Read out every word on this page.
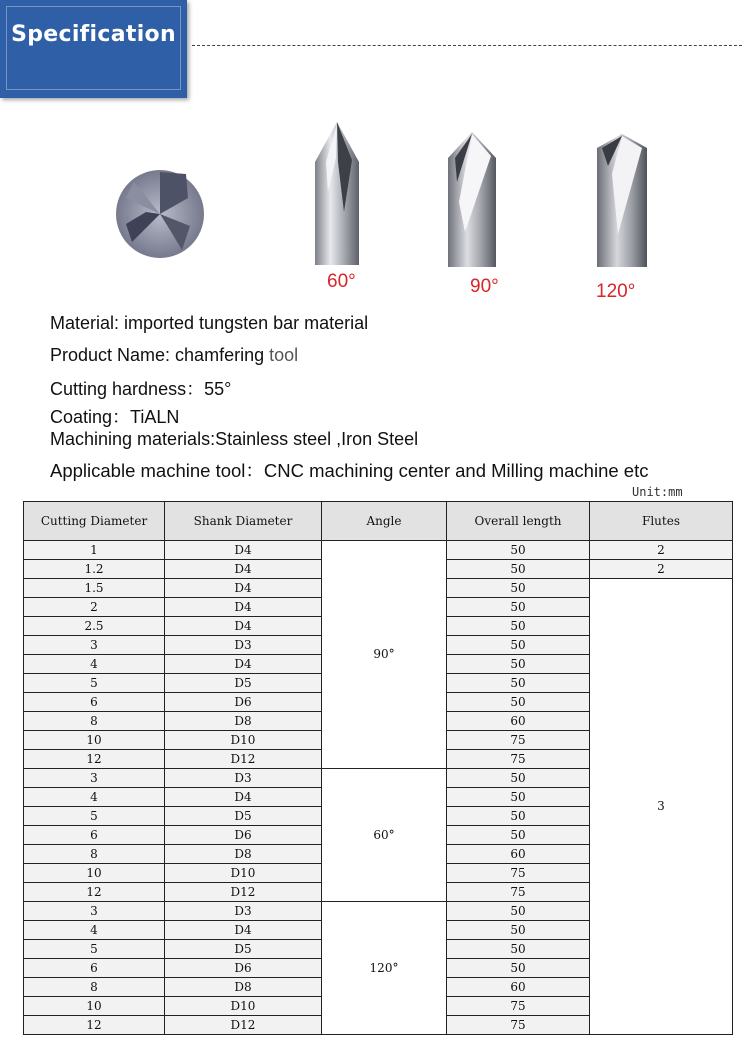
Specification
60°	90°	120°
Material: imported tungsten bar material
Product Name: chamfering tool
Cutting hardness：55°
Coating：TiALN
Machining materials:Stainless steel ,Iron Steel
Applicable machine tool：CNC machining center and Milling machine etc
Unit:mm
Cutting Diameter	Shank Diameter	Angle	Overall length	Flutes
1	D4	90°	50	2
1.2	D4		50	2
1.5	D4		50	3
2	D4		50	
2.5	D4		50	
3	D3		50	
4	D4		50	
5	D5		50	
6	D6		50	
8	D8		60	
10	D10		75	
12	D12		75	
3	D3	60°	50	
4	D4		50	
5	D5		50	
6	D6		50	
8	D8		60	
10	D10		75	
12	D12		75	
3	D3	120°	50	
4	D4		50	
5	D5		50	
6	D6		50	
8	D8		60	
10	D10		75	
12	D12		75	
